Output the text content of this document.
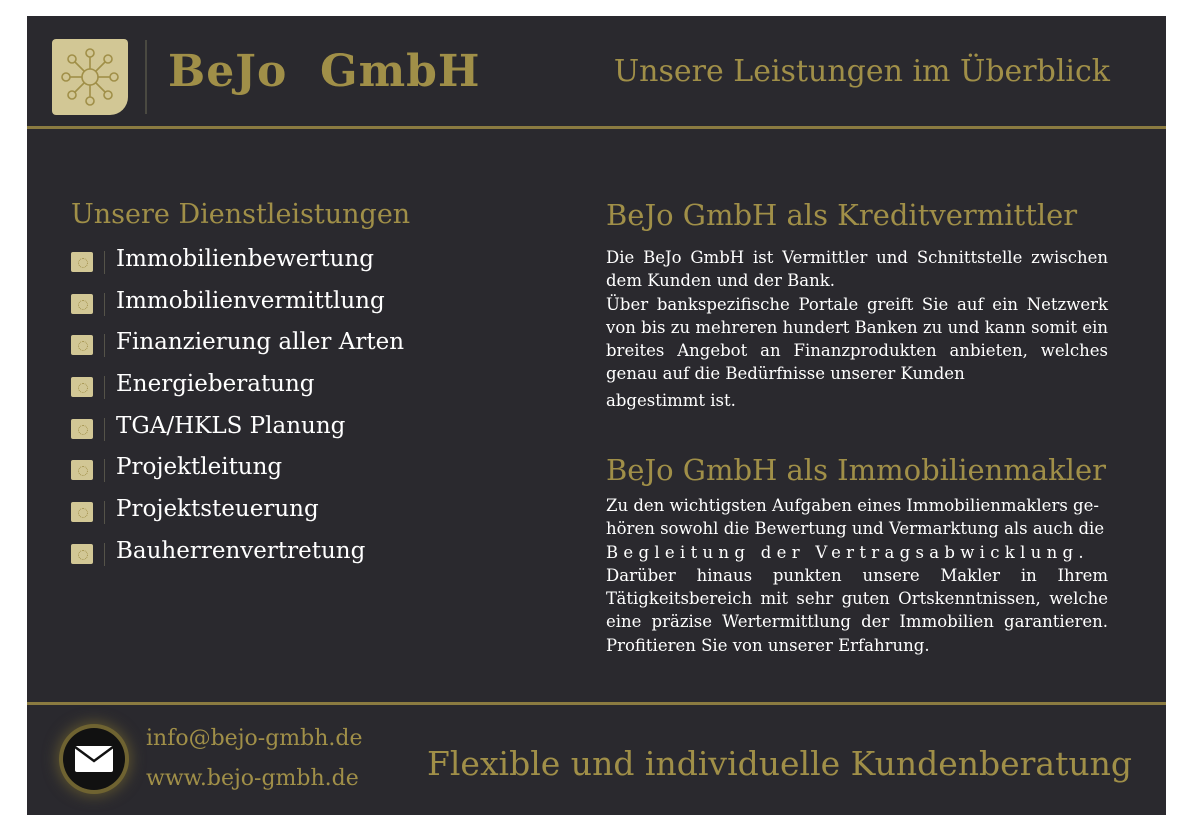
BeJo  GmbH	Unsere Leistungen im Überblick
Unsere Dienstleistungen
Immobilienbewertung
Immobilienvermittlung
Finanzierung aller Arten
Energieberatung
TGA/HKLS Planung
Projektleitung
Projektsteuerung
Bauherrenvertretung
BeJo GmbH als Kreditvermittler

Die BeJo GmbH ist Vermittler und Schnittstelle zwischen dem Kunden und der Bank.

Über bankspezifische Portale greift Sie auf ein Netzwerk von bis zu mehreren hundert Banken zu und kann somit ein breites Angebot an Finanzprodukten anbieten, welches genau auf die Bedürfnisse unserer Kunden

abgestimmt ist.

BeJo GmbH als Immobilienmakler

Zu den wichtigsten Aufgaben eines Immobilienmaklers ge-

hören sowohl die Bewertung und Vermarktung als auch die

Begleitung der Vertragsabwicklung.

Darüber hinaus punkten unsere Makler in Ihrem Tätigkeitsbereich mit sehr guten Ortskenntnissen, welche eine präzise Wertermittlung der Immobilien garantieren. Profitieren Sie von unserer Erfahrung.

info@bejo-gmbh.de
www.bejo-gmbh.de Flexible und individuelle Kundenberatung
